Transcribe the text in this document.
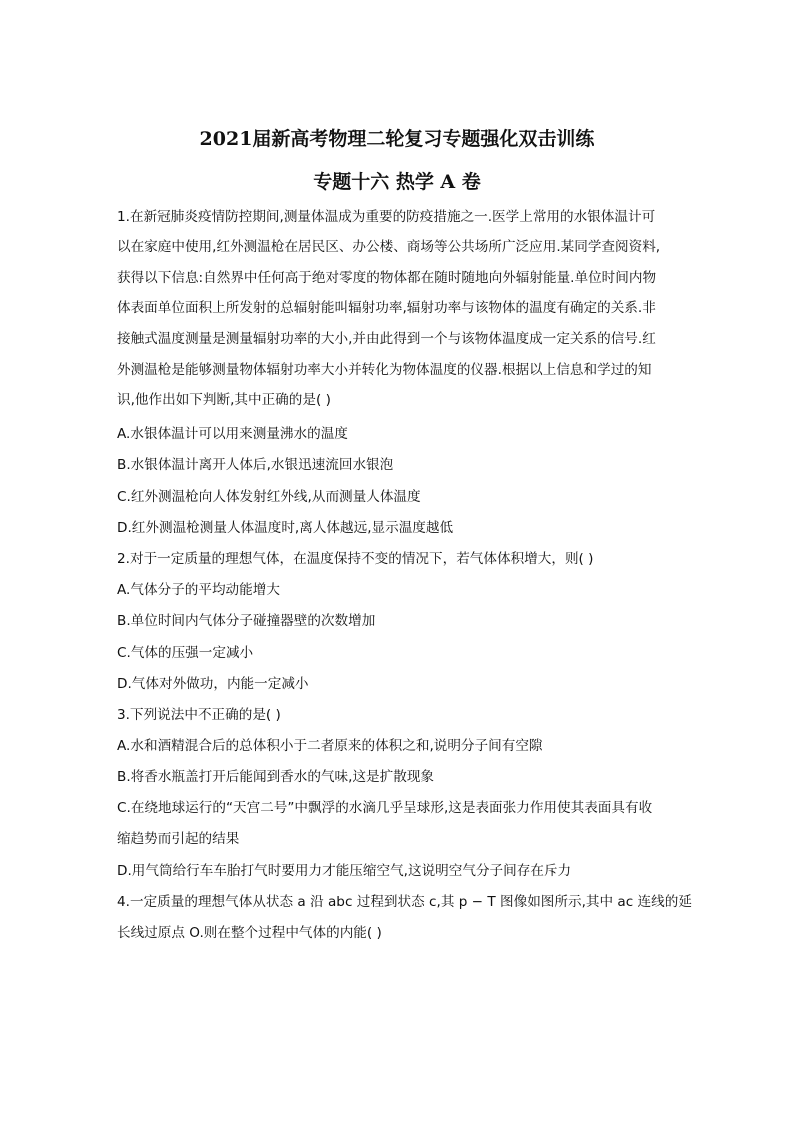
2021届新高考物理二轮复习专题强化双击训练
专题十六 热学 A 卷
1.在新冠肺炎疫情防控期间,测量体温成为重要的防疫措施之一.医学上常用的水银体温计可
以在家庭中使用,红外测温枪在居民区、办公楼、商场等公共场所广泛应用.某同学查阅资料,
获得以下信息:自然界中任何高于绝对零度的物体都在随时随地向外辐射能量.单位时间内物
体表面单位面积上所发射的总辐射能叫辐射功率,辐射功率与该物体的温度有确定的关系.非
接触式温度测量是测量辐射功率的大小,并由此得到一个与该物体温度成一定关系的信号.红
外测温枪是能够测量物体辐射功率大小并转化为物体温度的仪器.根据以上信息和学过的知
识,他作出如下判断,其中正确的是( )
A.水银体温计可以用来测量沸水的温度
B.水银体温计离开人体后,水银迅速流回水银泡
C.红外测温枪向人体发射红外线,从而测量人体温度
D.红外测温枪测量人体温度时,离人体越远,显示温度越低
2.对于一定质量的理想气体，在温度保持不变的情况下，若气体体积增大，则( )
A.气体分子的平均动能增大
B.单位时间内气体分子碰撞器壁的次数增加
C.气体的压强一定减小
D.气体对外做功，内能一定减小
3.下列说法中不正确的是( )
A.水和酒精混合后的总体积小于二者原来的体积之和,说明分子间有空隙
B.将香水瓶盖打开后能闻到香水的气味,这是扩散现象
C.在绕地球运行的“天宫二号”中飘浮的水滴几乎呈球形,这是表面张力作用使其表面具有收
缩趋势而引起的结果
D.用气筒给行车车胎打气时要用力才能压缩空气,这说明空气分子间存在斥力
4.一定质量的理想气体从状态 a 沿 abc 过程到状态 c,其 p − T 图像如图所示,其中 ac 连线的延
长线过原点 O.则在整个过程中气体的内能( )
